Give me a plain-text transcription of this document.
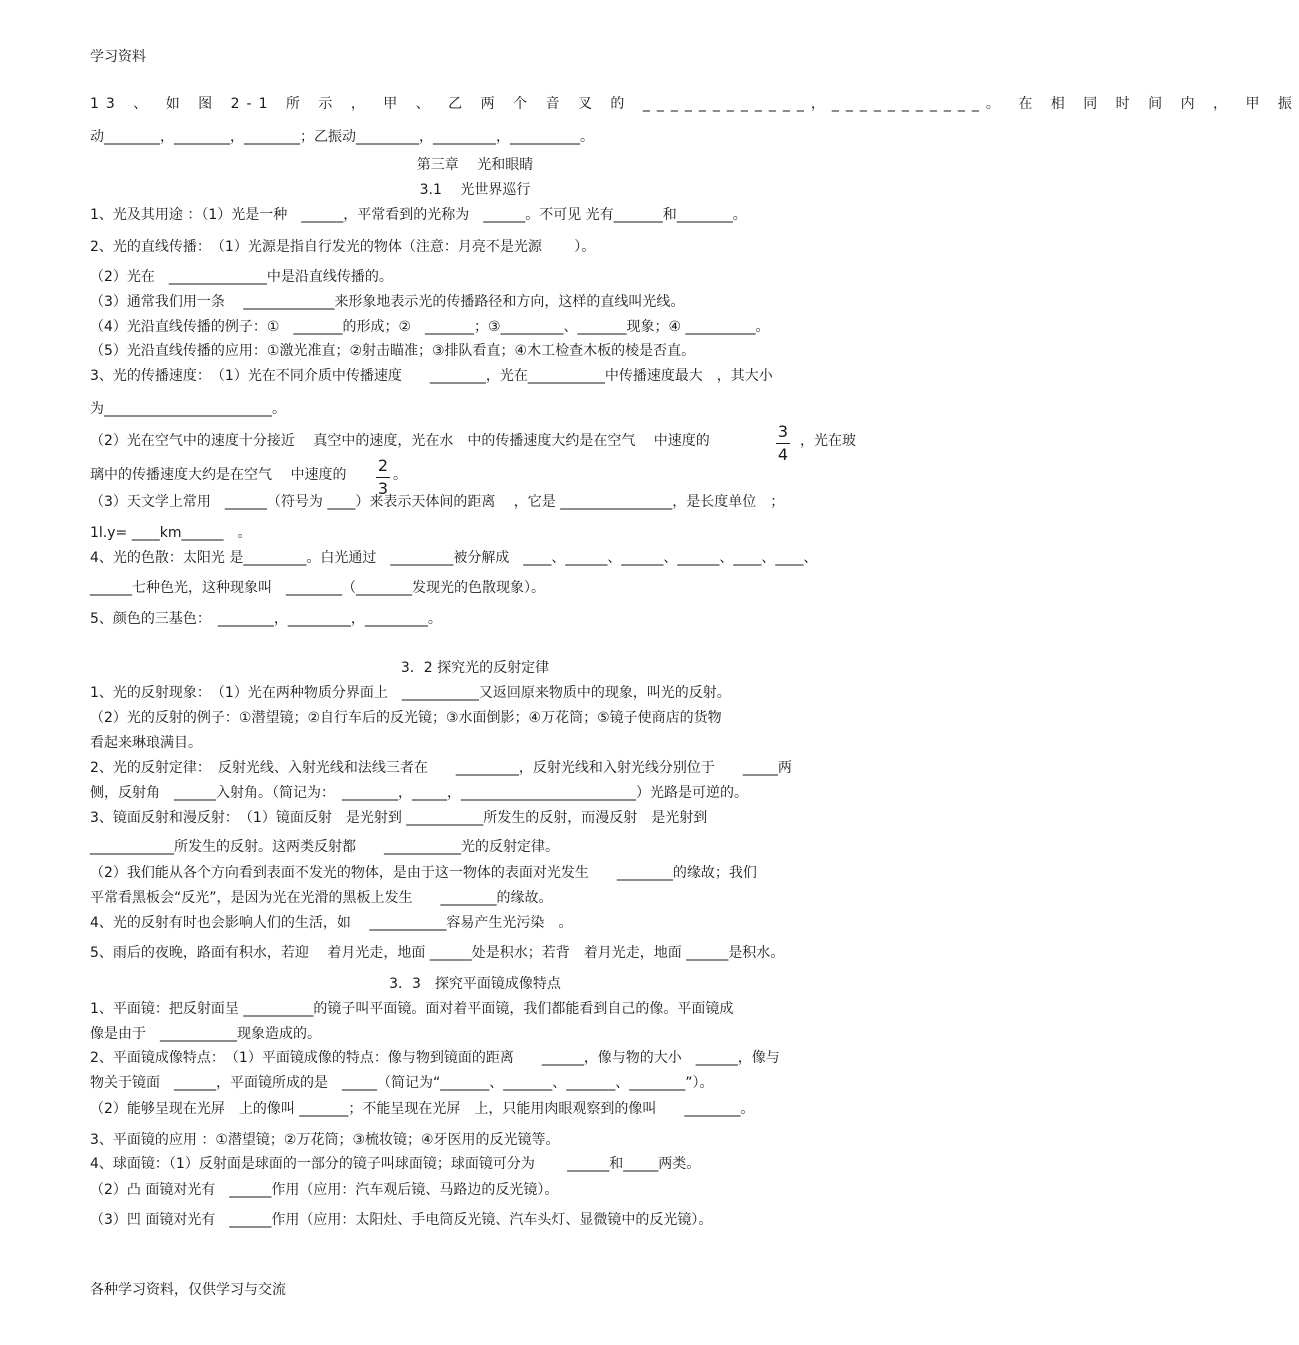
学习资料
13 、 如 图 2-1 所 示 ， 甲 、 乙 两 个 音 叉 的 ____________，___________。 在 相 同 时 间 内 ， 甲 振
动________，________，________；乙振动_________，_________，__________。
第三章　 光和眼睛
3.1　 光世界巡行
1、光及其用途 ：（1）光是一种　______，平常看到的光称为　______。不可见 光有_______和________。
2、光的直线传播：　（1）光源是指自行发光的物体（注意：月亮不是光源 　　）。
（2）光在　______________中是沿直线传播的。
（3）通常我们用一条　 _____________来形象地表示光的传播路径和方向，这样的直线叫光线。
（4）光沿直线传播的例子：①　_______的形成；②　_______；③_________、_______现象；④ __________。
（5）光沿直线传播的应用：①激光准直；②射击瞄准；③排队看直；④木工检查木板的棱是否直。
3、光的传播速度：　（1）光在不同介质中传播速度　　________，光在___________中传播速度最大　，其大小
为________________________。
（2）光在空气中的速度十分接近　 真空中的速度，光在水　中的传播速度大约是在空气　 中速度的	3
4
，光在玻
璃中的传播速度大约是在空气　 中速度的	2
3
。
（3）天文学上常用　______（符号为 ____）来表示天体间的距离 　，它是 ________________，是长度单位　；
1l.y= ____km______　。
4、光的色散：太阳光 是_________。白光通过　_________被分解成　____、______、______、______、____、____、
______七种色光，这种现象叫　________（________发现光的色散现象）。
5、颜色的三基色：　________，_________，_________。
3．2 探究光的反射定律
1、光的反射现象：　（1）光在两种物质分界面上　___________又返回原来物质中的现象，叫光的反射。
（2）光的反射的例子：①潜望镜；②自行车后的反光镜；③水面倒影；④万花筒；⑤镜子使商店的货物
看起来琳琅满目。
2、光的反射定律：　反射光线、入射光线和法线三者在　　_________，反射光线和入射光线分别位于　　_____两
侧，反射角　______入射角。（简记为：　________，_____，_________________________）光路是可逆的。
3、镜面反射和漫反射：　（1）镜面反射　是光射到 ___________所发生的反射，而漫反射　是光射到
____________所发生的反射。这两类反射都　　___________光的反射定律。
（2）我们能从各个方向看到表面不发光的物体，是由于这一物体的表面对光发生　　________的缘故；我们
平常看黑板会“反光”，是因为光在光滑的黑板上发生　　________的缘故。
4、光的反射有时也会影响人们的生活，如　 ___________容易产生光污染　。
5、雨后的夜晚，路面有积水，若迎　 着月光走，地面 ______处是积水；若背　着月光走，地面 ______是积水。
3．3　探究平面镜成像特点
1、平面镜：把反射面呈 __________的镜子叫平面镜。面对着平面镜，我们都能看到自己的像。平面镜成
像是由于　___________现象造成的。
2、平面镜成像特点：　（1）平面镜成像的特点：像与物到镜面的距离　　______，像与物的大小　______，像与
物关于镜面　______，平面镜所成的是　_____（简记为“_______、_______、_______、________”）。
（2）能够呈现在光屏　上的像叫 _______；不能呈现在光屏　上，只能用肉眼观察到的像叫　　________。
3、平面镜的应用 ：①潜望镜；②万花筒；③梳妆镜；④牙医用的反光镜等。
4、球面镜：（1）反射面是球面的一部分的镜子叫球面镜；球面镜可分为　　 ______和_____两类。
（2）凸 面镜对光有　______作用（应用：汽车观后镜、马路边的反光镜）。
（3）凹 面镜对光有　______作用（应用：太阳灶、手电筒反光镜、汽车头灯、显微镜中的反光镜）。
各种学习资料，仅供学习与交流
